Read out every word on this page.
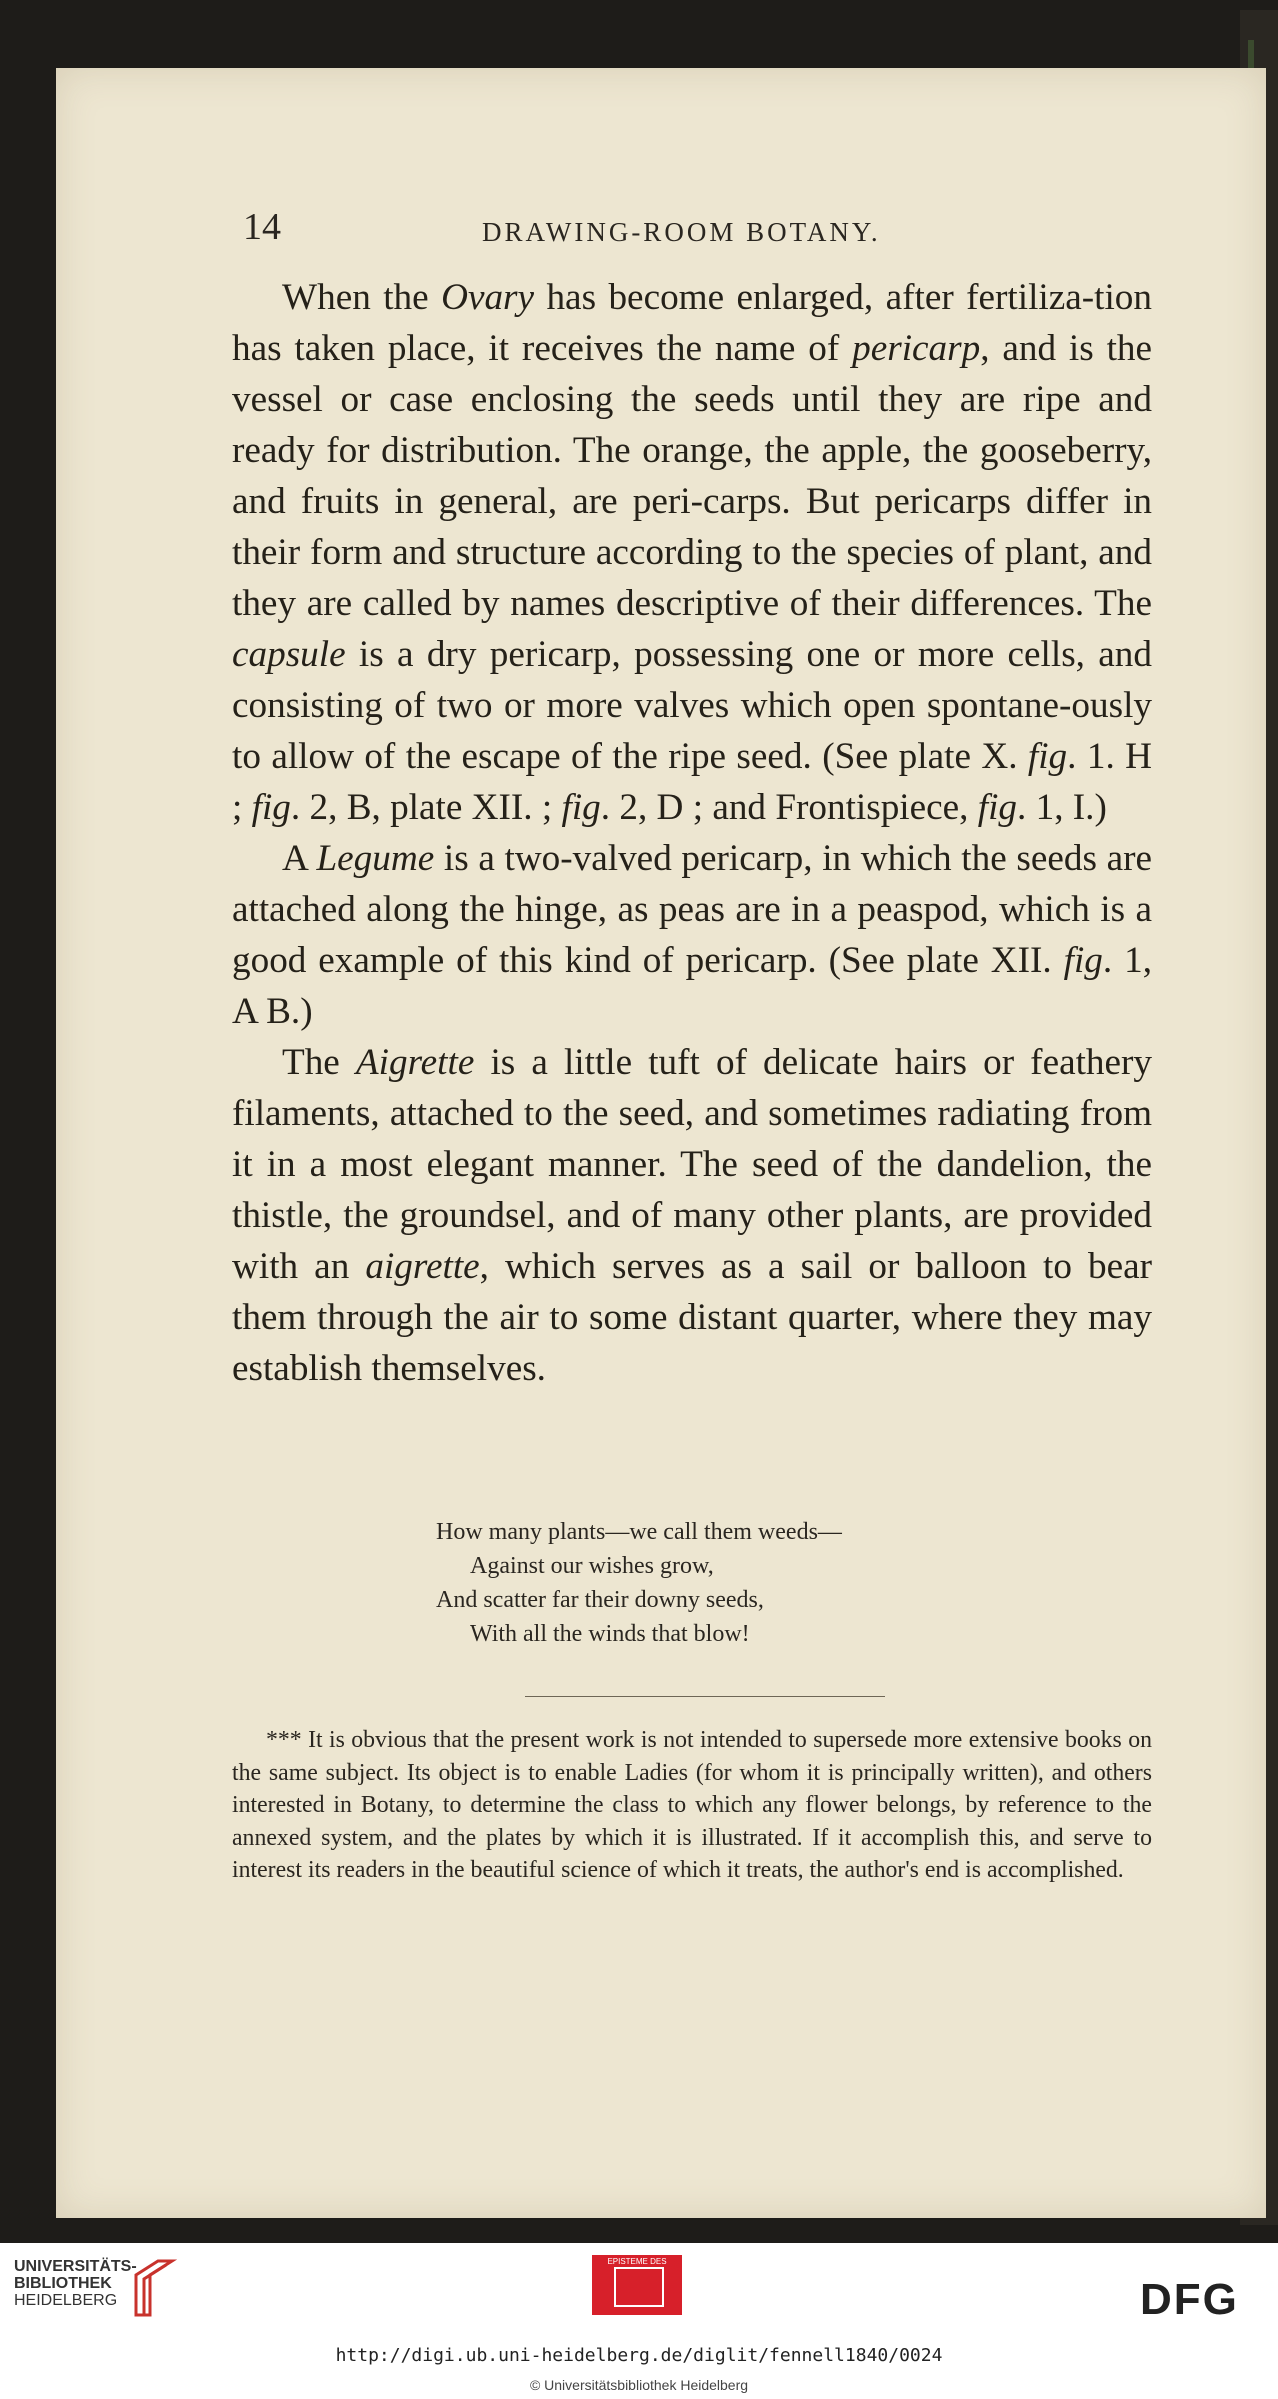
14	DRAWING-ROOM BOTANY.

When the Ovary has become enlarged, after fertiliza-tion has taken place, it receives the name of pericarp, and is the vessel or case enclosing the seeds until they are ripe and ready for distribution. The orange, the apple, the gooseberry, and fruits in general, are peri-carps. But pericarps differ in their form and structure according to the species of plant, and they are called by names descriptive of their differences. The capsule is a dry pericarp, possessing one or more cells, and consisting of two or more valves which open spontane-ously to allow of the escape of the ripe seed. (See plate X. fig. 1. H ; fig. 2, B, plate XII. ; fig. 2, D ; and Frontispiece, fig. 1, I.)

A Legume is a two-valved pericarp, in which the seeds are attached along the hinge, as peas are in a peaspod, which is a good example of this kind of pericarp. (See plate XII. fig. 1, A B.)

The Aigrette is a little tuft of delicate hairs or feathery filaments, attached to the seed, and sometimes radiating from it in a most elegant manner. The seed of the dandelion, the thistle, the groundsel, and of many other plants, are provided with an aigrette, which serves as a sail or balloon to bear them through the air to some distant quarter, where they may establish themselves.

How many plants—we call them weeds—
Against our wishes grow,
And scatter far their downy seeds,
With all the winds that blow!

*** It is obvious that the present work is not intended to supersede more extensive books on the same subject. Its object is to enable Ladies (for whom it is principally written), and others interested in Botany, to determine the class to which any flower belongs, by reference to the annexed system, and the plates by which it is illustrated. If it accomplish this, and serve to interest its readers in the beautiful science of which it treats, the author's end is accomplished.

UNIVERSITÄTS-
BIBLIOTHEK
HEIDELBERG
EPISTEME DES
DFG
http://digi.ub.uni-heidelberg.de/diglit/fennell1840/0024
© Universitätsbibliothek Heidelberg
